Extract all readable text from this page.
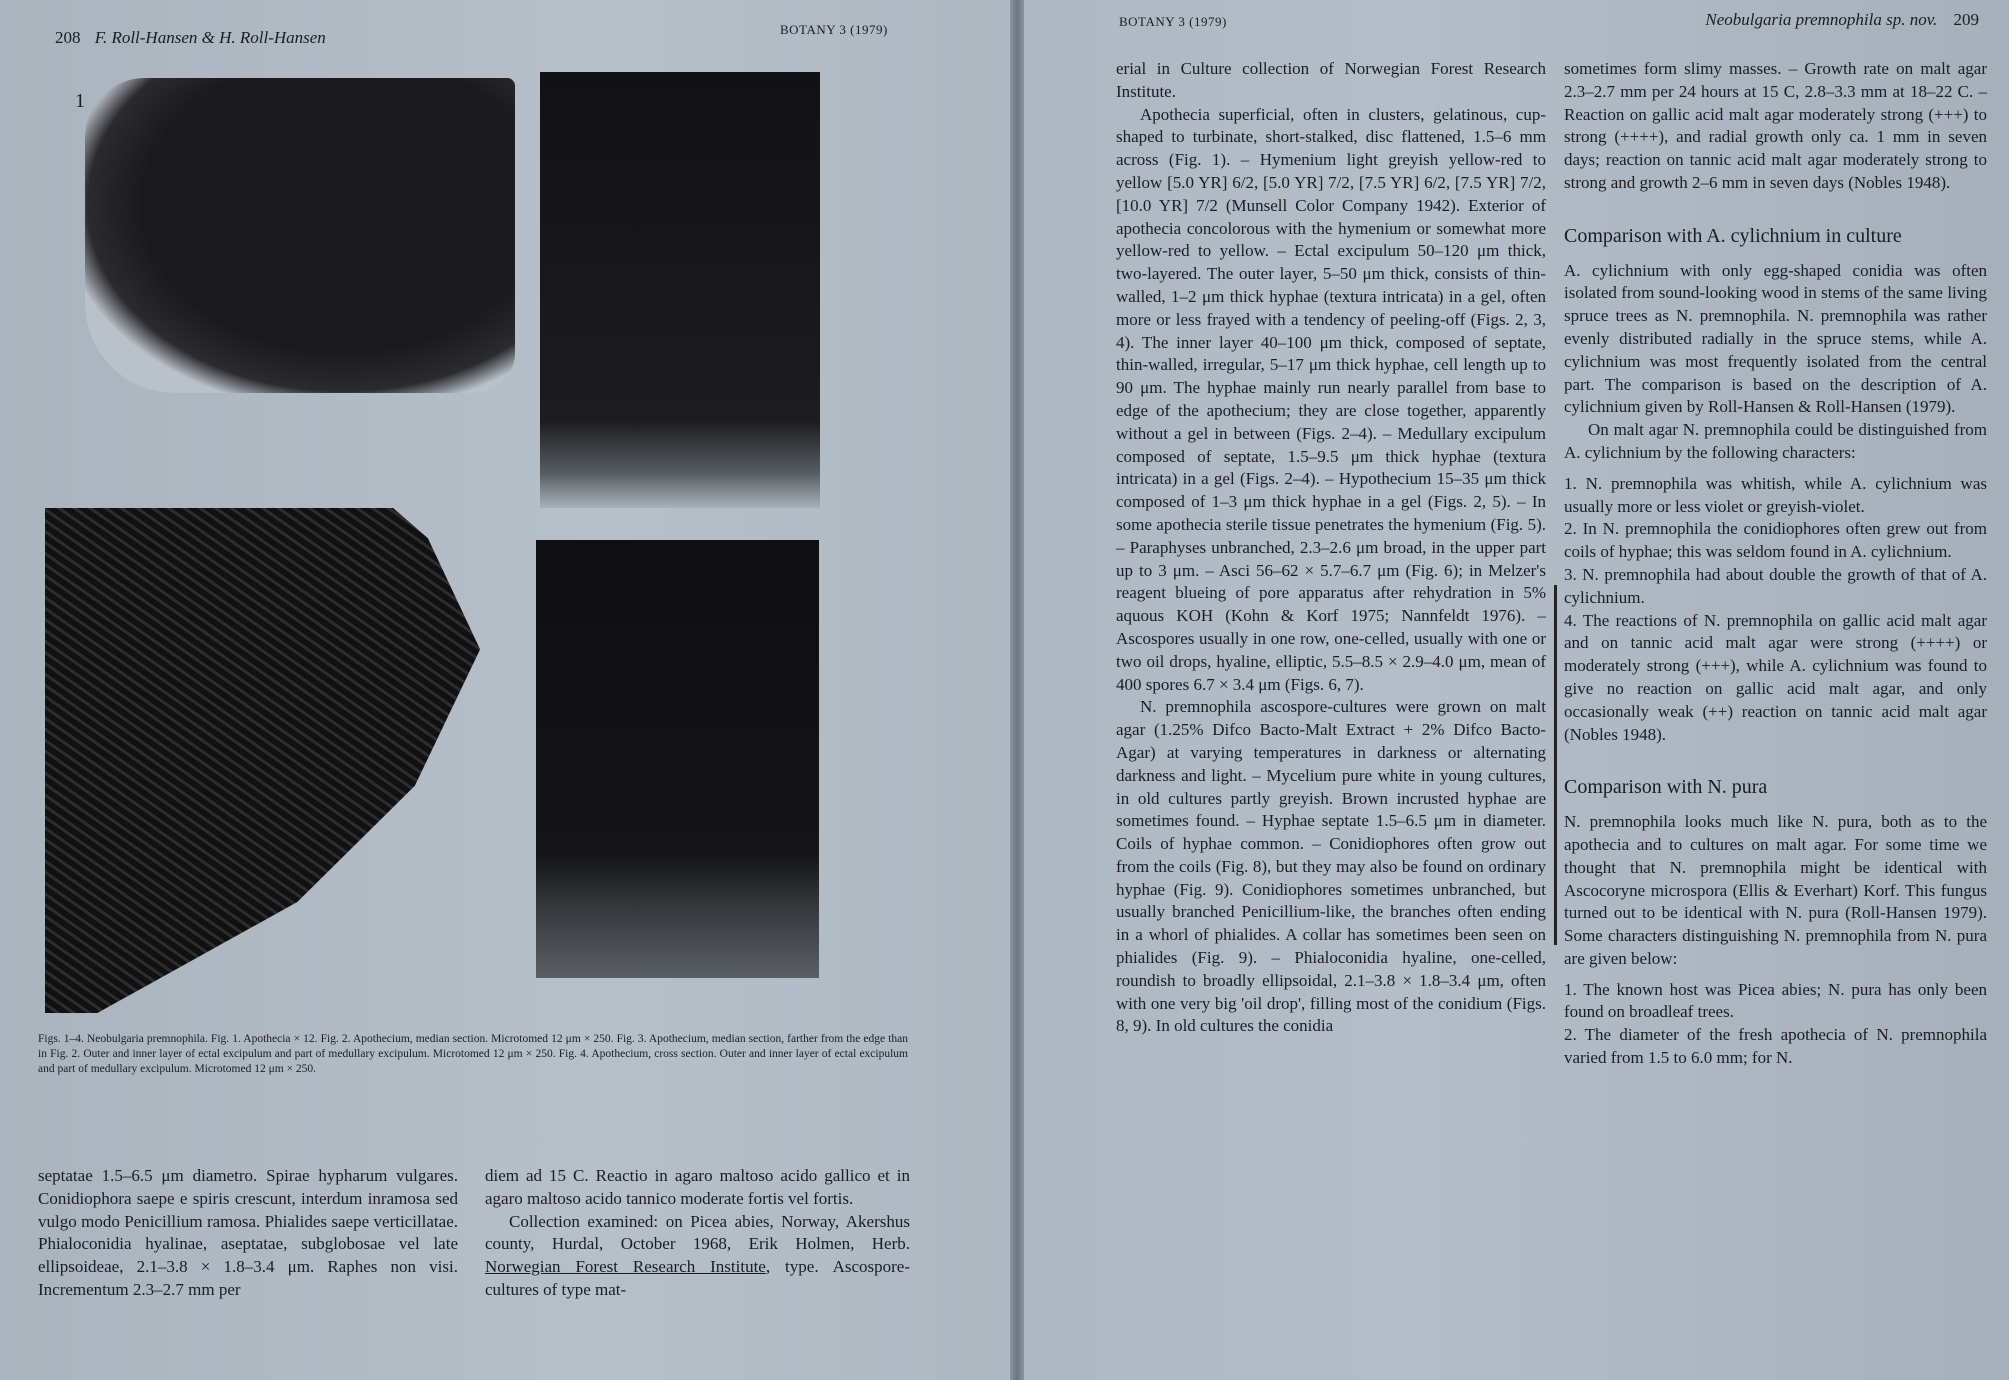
208 F. Roll-Hansen & H. Roll-Hansen	BOTANY 3 (1979)
1
Figs. 1–4. Neobulgaria premnophila. Fig. 1. Apothecia × 12. Fig. 2. Apothecium, median section. Microtomed 12 μm × 250. Fig. 3. Apothecium, median section, farther from the edge than in Fig. 2. Outer and inner layer of ectal excipulum and part of medullary excipulum. Microtomed 12 μm × 250. Fig. 4. Apothecium, cross section. Outer and inner layer of ectal excipulum and part of medullary excipulum. Microtomed 12 μm × 250.

septatae 1.5–6.5 μm diametro. Spirae hypharum vulgares. Conidiophora saepe e spiris crescunt, interdum inramosa sed vulgo modo Penicillium ramosa. Phialides saepe verticillatae. Phialoconidia hyalinae, aseptatae, subglobosae vel late ellipsoideae, 2.1–3.8 × 1.8–3.4 μm. Raphes non visi. Incrementum 2.3–2.7 mm per

diem ad 15 C. Reactio in agaro maltoso acido gallico et in agaro maltoso acido tannico moderate fortis vel fortis.

Collection examined: on Picea abies, Norway, Akershus county, Hurdal, October 1968, Erik Holmen, Herb. Norwegian Forest Research Institute, type. Ascospore-cultures of type mat-

BOTANY 3 (1979)	Neobulgaria premnophila sp. nov. 209

erial in Culture collection of Norwegian Forest Research Institute.

Apothecia superficial, often in clusters, gelatinous, cup-shaped to turbinate, short-stalked, disc flattened, 1.5–6 mm across (Fig. 1). – Hymenium light greyish yellow-red to yellow [5.0 YR] 6/2, [5.0 YR] 7/2, [7.5 YR] 6/2, [7.5 YR] 7/2, [10.0 YR] 7/2 (Munsell Color Company 1942). Exterior of apothecia concolorous with the hymenium or somewhat more yellow-red to yellow. – Ectal excipulum 50–120 μm thick, two-layered. The outer layer, 5–50 μm thick, consists of thin-walled, 1–2 μm thick hyphae (textura intricata) in a gel, often more or less frayed with a tendency of peeling-off (Figs. 2, 3, 4). The inner layer 40–100 μm thick, composed of septate, thin-walled, irregular, 5–17 μm thick hyphae, cell length up to 90 μm. The hyphae mainly run nearly parallel from base to edge of the apothecium; they are close together, apparently without a gel in between (Figs. 2–4). – Medullary excipulum composed of septate, 1.5–9.5 μm thick hyphae (textura intricata) in a gel (Figs. 2–4). – Hypothecium 15–35 μm thick composed of 1–3 μm thick hyphae in a gel (Figs. 2, 5). – In some apothecia sterile tissue penetrates the hymenium (Fig. 5). – Paraphyses unbranched, 2.3–2.6 μm broad, in the upper part up to 3 μm. – Asci 56–62 × 5.7–6.7 μm (Fig. 6); in Melzer's reagent blueing of pore apparatus after rehydration in 5% aquous KOH (Kohn & Korf 1975; Nannfeldt 1976). – Ascospores usually in one row, one-celled, usually with one or two oil drops, hyaline, elliptic, 5.5–8.5 × 2.9–4.0 μm, mean of 400 spores 6.7 × 3.4 μm (Figs. 6, 7).

N. premnophila ascospore-cultures were grown on malt agar (1.25% Difco Bacto-Malt Extract + 2% Difco Bacto-Agar) at varying temperatures in darkness or alternating darkness and light. – Mycelium pure white in young cultures, in old cultures partly greyish. Brown incrusted hyphae are sometimes found. – Hyphae septate 1.5–6.5 μm in diameter. Coils of hyphae common. – Conidiophores often grow out from the coils (Fig. 8), but they may also be found on ordinary hyphae (Fig. 9). Conidiophores sometimes unbranched, but usually branched Penicillium-like, the branches often ending in a whorl of phialides. A collar has sometimes been seen on phialides (Fig. 9). – Phialoconidia hyaline, one-celled, roundish to broadly ellipsoidal, 2.1–3.8 × 1.8–3.4 μm, often with one very big 'oil drop', filling most of the conidium (Figs. 8, 9). In old cultures the conidia

sometimes form slimy masses. – Growth rate on malt agar 2.3–2.7 mm per 24 hours at 15 C, 2.8–3.3 mm at 18–22 C. – Reaction on gallic acid malt agar moderately strong (+++) to strong (++++), and radial growth only ca. 1 mm in seven days; reaction on tannic acid malt agar moderately strong to strong and growth 2–6 mm in seven days (Nobles 1948).

Comparison with A. cylichnium in culture

A. cylichnium with only egg-shaped conidia was often isolated from sound-looking wood in stems of the same living spruce trees as N. premnophila. N. premnophila was rather evenly distributed radially in the spruce stems, while A. cylichnium was most frequently isolated from the central part. The comparison is based on the description of A. cylichnium given by Roll-Hansen & Roll-Hansen (1979).

On malt agar N. premnophila could be distinguished from A. cylichnium by the following characters:

1. N. premnophila was whitish, while A. cylichnium was usually more or less violet or greyish-violet.

2. In N. premnophila the conidiophores often grew out from coils of hyphae; this was seldom found in A. cylichnium.

3. N. premnophila had about double the growth of that of A. cylichnium.

4. The reactions of N. premnophila on gallic acid malt agar and on tannic acid malt agar were strong (++++) or moderately strong (+++), while A. cylichnium was found to give no reaction on gallic acid malt agar, and only occasionally weak (++) reaction on tannic acid malt agar (Nobles 1948).

Comparison with N. pura

N. premnophila looks much like N. pura, both as to the apothecia and to cultures on malt agar. For some time we thought that N. premnophila might be identical with Ascocoryne microspora (Ellis & Everhart) Korf. This fungus turned out to be identical with N. pura (Roll-Hansen 1979). Some characters distinguishing N. premnophila from N. pura are given below:

1. The known host was Picea abies; N. pura has only been found on broadleaf trees.

2. The diameter of the fresh apothecia of N. premnophila varied from 1.5 to 6.0 mm; for N.
